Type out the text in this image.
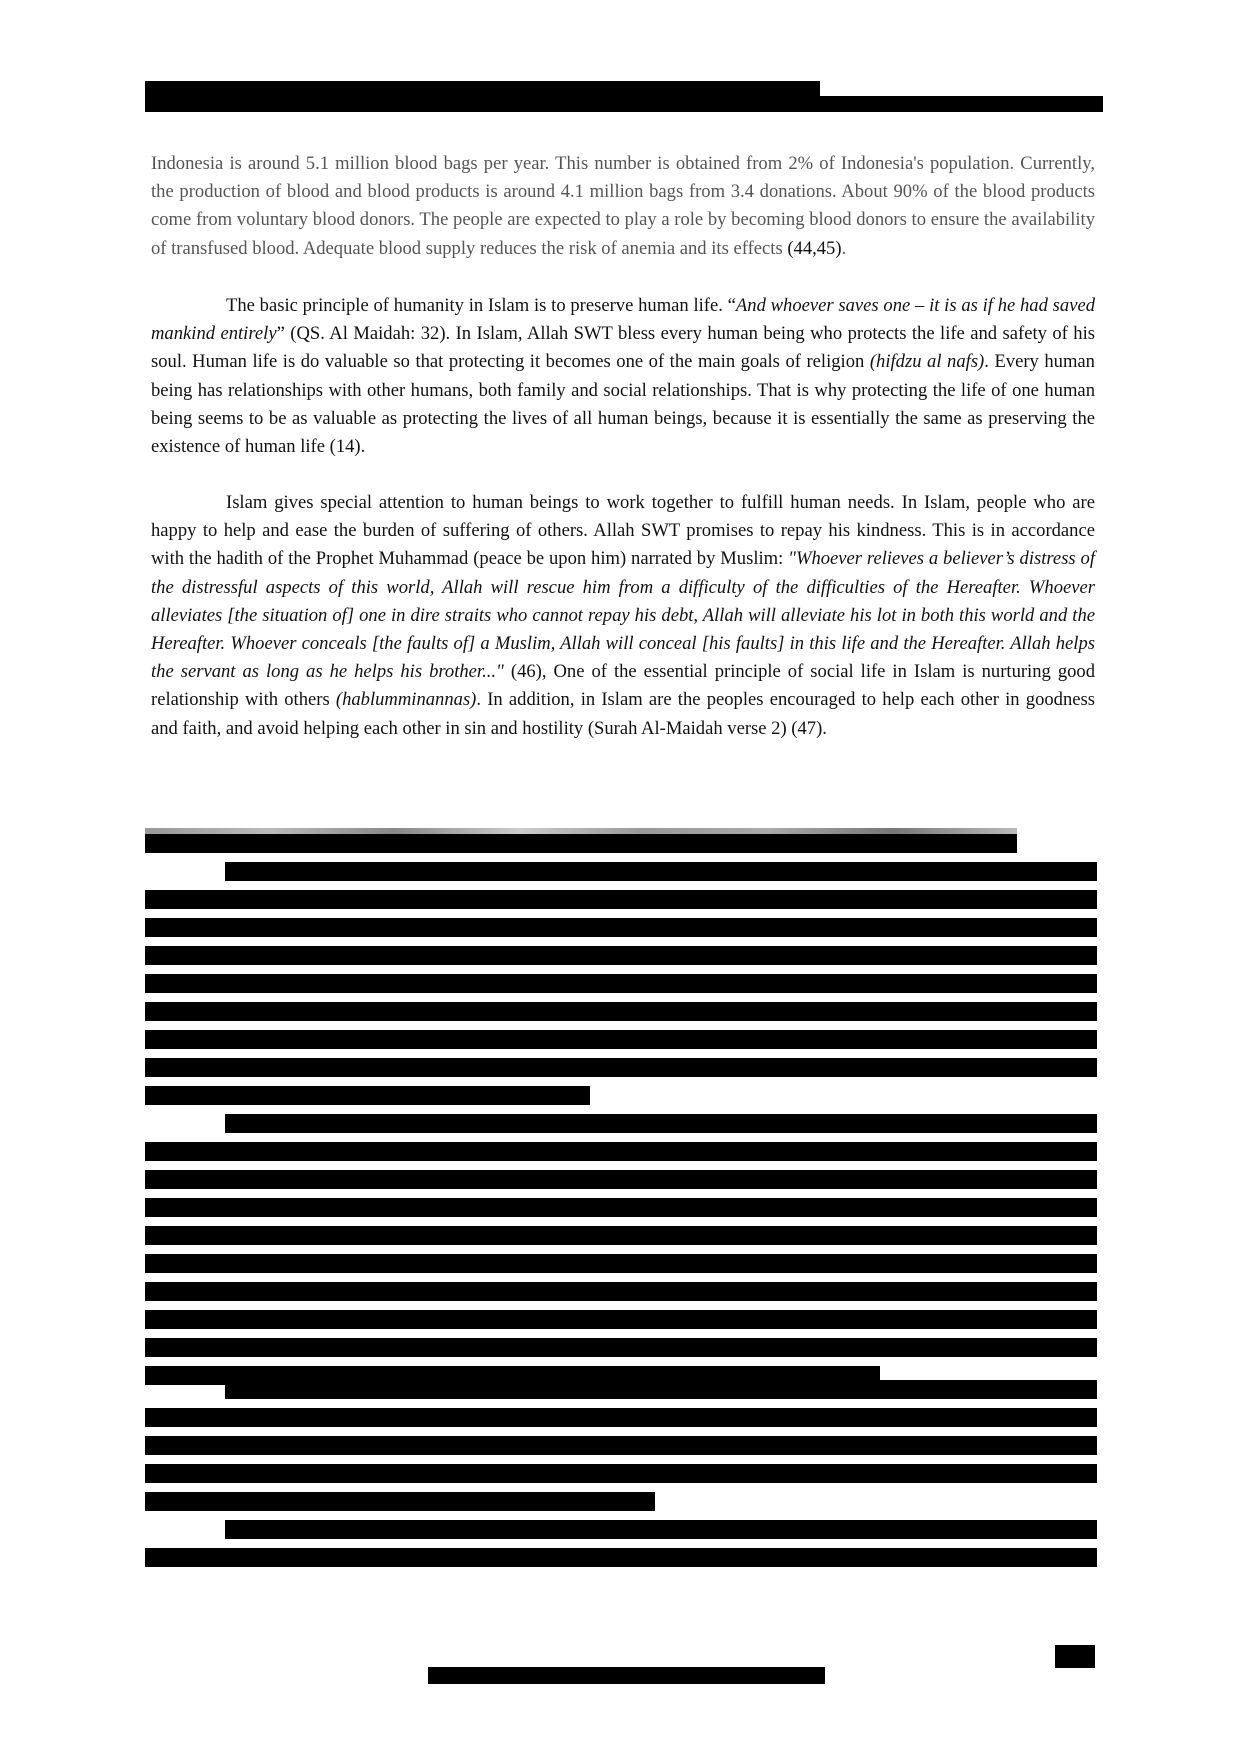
Indonesia is around 5.1 million blood bags per year. This number is obtained from 2% of Indonesia's population. Currently, the production of blood and blood products is around 4.1 million bags from 3.4 donations. About 90% of the blood products come from voluntary blood donors. The people are expected to play a role by becoming blood donors to ensure the availability of transfused blood. Adequate blood supply reduces the risk of anemia and its effects (44,45).

The basic principle of humanity in Islam is to preserve human life. “And whoever saves one – it is as if he had saved mankind entirely” (QS. Al Maidah: 32). In Islam, Allah SWT bless every human being who protects the life and safety of his soul. Human life is do valuable so that protecting it becomes one of the main goals of religion (hifdzu al nafs). Every human being has relationships with other humans, both family and social relationships. That is why protecting the life of one human being seems to be as valuable as protecting the lives of all human beings, because it is essentially the same as preserving the existence of human life (14).

Islam gives special attention to human beings to work together to fulfill human needs. In Islam, people who are happy to help and ease the burden of suffering of others. Allah SWT promises to repay his kindness. This is in accordance with the hadith of the Prophet Muhammad (peace be upon him) narrated by Muslim: "Whoever relieves a believer’s distress of the distressful aspects of this world, Allah will rescue him from a difficulty of the difficulties of the Hereafter. Whoever alleviates [the situation of] one in dire straits who cannot repay his debt, Allah will alleviate his lot in both this world and the Hereafter. Whoever conceals [the faults of] a Muslim, Allah will conceal [his faults] in this life and the Hereafter. Allah helps the servant as long as he helps his brother..." (46), One of the essential principle of social life in Islam is nurturing good relationship with others (hablumminannas). In addition, in Islam are the peoples encouraged to help each other in goodness and faith, and avoid helping each other in sin and hostility (Surah Al-Maidah verse 2) (47).
